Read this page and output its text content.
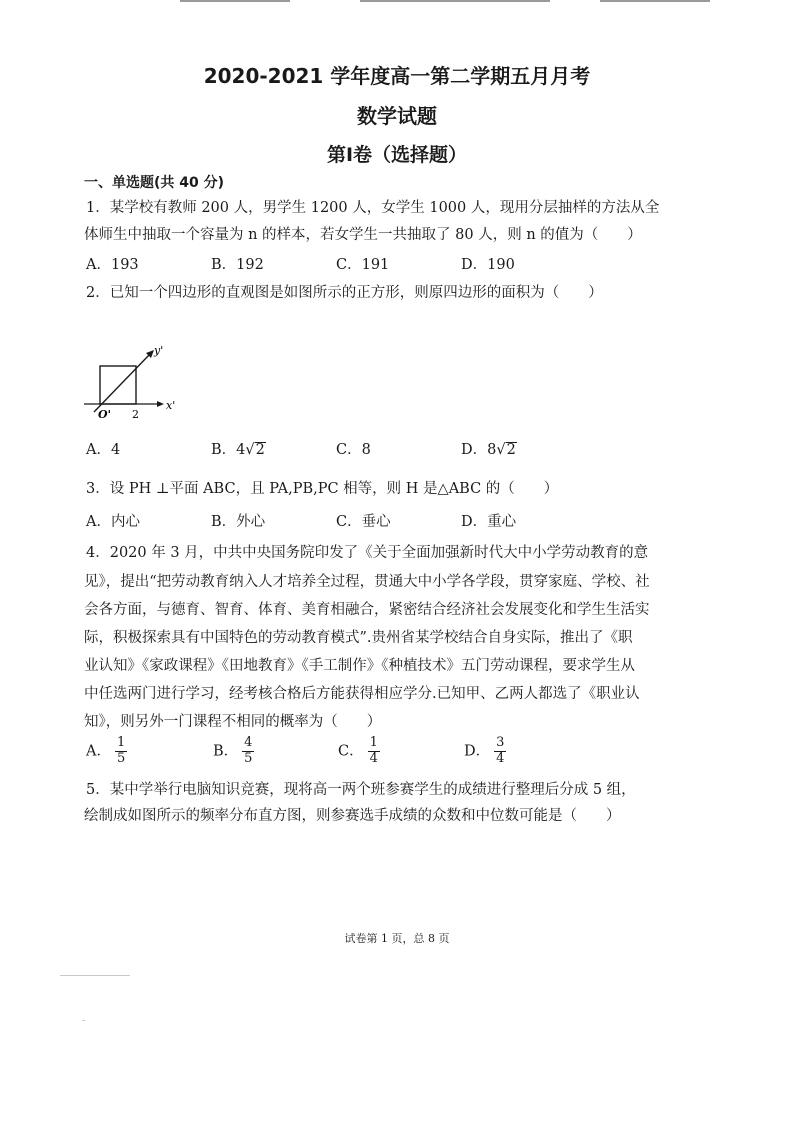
2020-2021 学年度高一第二学期五月月考
数学试题
第Ⅰ卷（选择题）
一、单选题(共 40 分)
1．某学校有教师 200 人，男学生 1200 人，女学生 1000 人，现用分层抽样的方法从全
体师生中抽取一个容量为 n 的样本，若女学生一共抽取了 80 人，则 n 的值为（　　）
A．193	B．192	C．191	D．190
2．已知一个四边形的直观图是如图所示的正方形，则原四边形的面积为（　　）
y'
x'
O' 2
A．4	B．4√2	C．8	D．8√2
3．设 PH ⊥平面 ABC，且 PA,PB,PC 相等，则 H 是△ABC 的（　　）
A．内心	B．外心	C．垂心	D．重心
4．2020 年 3 月，中共中央国务院印发了《关于全面加强新时代大中小学劳动教育的意
见》，提出“把劳动教育纳入人才培养全过程，贯通大中小学各学段，贯穿家庭、学校、社
会各方面，与德育、智育、体育、美育相融合，紧密结合经济社会发展变化和学生生活实
际，积极探索具有中国特色的劳动教育模式”.贵州省某学校结合自身实际，推出了《职
业认知》《家政课程》《田地教育》《手工制作》《种植技术》五门劳动课程，要求学生从
中任选两门进行学习，经考核合格后方能获得相应学分.已知甲、乙两人都选了《职业认
知》，则另外一门课程不相同的概率为（　　）
A． $\frac{1}{5}$	B． $\frac{4}{5}$	C． $\frac{1}{4}$	D． $\frac{3}{4}$
5．某中学举行电脑知识竞赛，现将高一两个班参赛学生的成绩进行整理后分成 5 组，
绘制成如图所示的频率分布直方图，则参赛选手成绩的众数和中位数可能是（　　）
试卷第 1 页，总 8 页
